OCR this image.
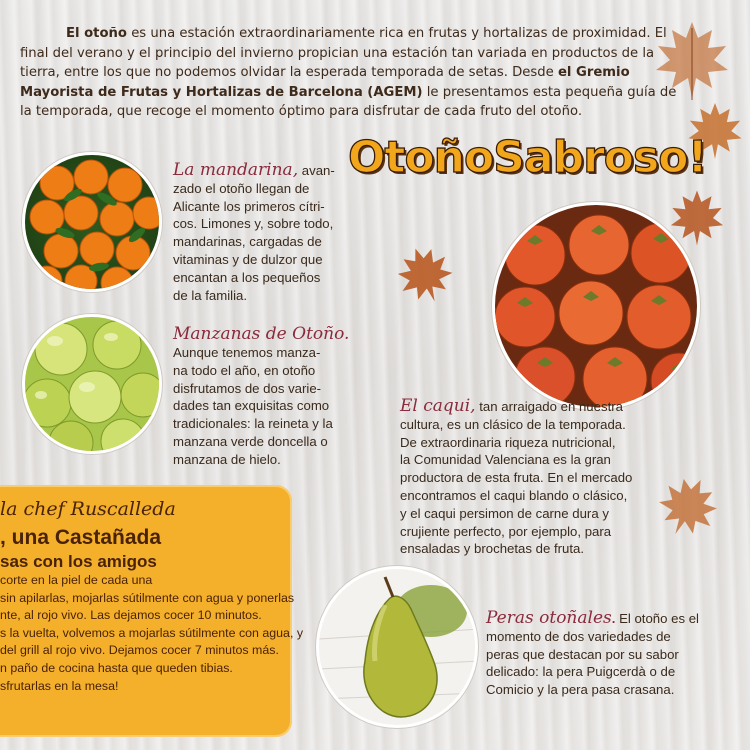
El otoño es una estación extraordinariamente rica en frutas y hortalizas de proximidad. El final del verano y el principio del invierno propician una estación tan variada en productos de la tierra, entre los que no podemos olvidar la esperada temporada de setas. Desde el Gremio Mayorista de Frutas y Hortalizas de Barcelona (AGEM) le presentamos esta pequeña guía de la temporada, que recoge el momento óptimo para disfrutar de cada fruto del otoño.
OtoñoSabroso!
La mandarina, avan-
zado el otoño llegan de
Alicante los primeros cítri-
cos. Limones y, sobre todo,
mandarinas, cargadas de
vitaminas y de dulzor que
encantan a los pequeños
de la familia.
Manzanas de Otoño.
Aunque tenemos manza-
na todo el año, en otoño
disfrutamos de dos varie-
dades tan exquisitas como
tradicionales: la reineta y la
manzana verde doncella o
manzana de hielo.
El caqui, tan arraigado en nuestra
cultura, es un clásico de la temporada.
De extraordinaria riqueza nutricional,
la Comunidad Valenciana es la gran
productora de esta fruta. En el mercado
encontramos el caqui blando o clásico,
y el caqui persimon de carne dura y
crujiente perfecto, por ejemplo, para
ensaladas y brochetas de fruta.
la chef Ruscalleda
, una Castañada
sas con los amigos
corte en la piel de cada una
sin apilarlas, mojarlas sútilmente con agua y ponerlas
nte, al rojo vivo. Las dejamos cocer 10 minutos.
s la vuelta, volvemos a mojarlas sútilmente con agua, y
del grill al rojo vivo. Dejamos cocer 7 minutos más.
n paño de cocina hasta que queden tibias.
sfrutarlas en la mesa!
Peras otoñales. El otoño es el
momento de dos variedades de
peras que destacan por su sabor
delicado: la pera Puigcerdà o de
Comicio y la pera pasa crasana.
